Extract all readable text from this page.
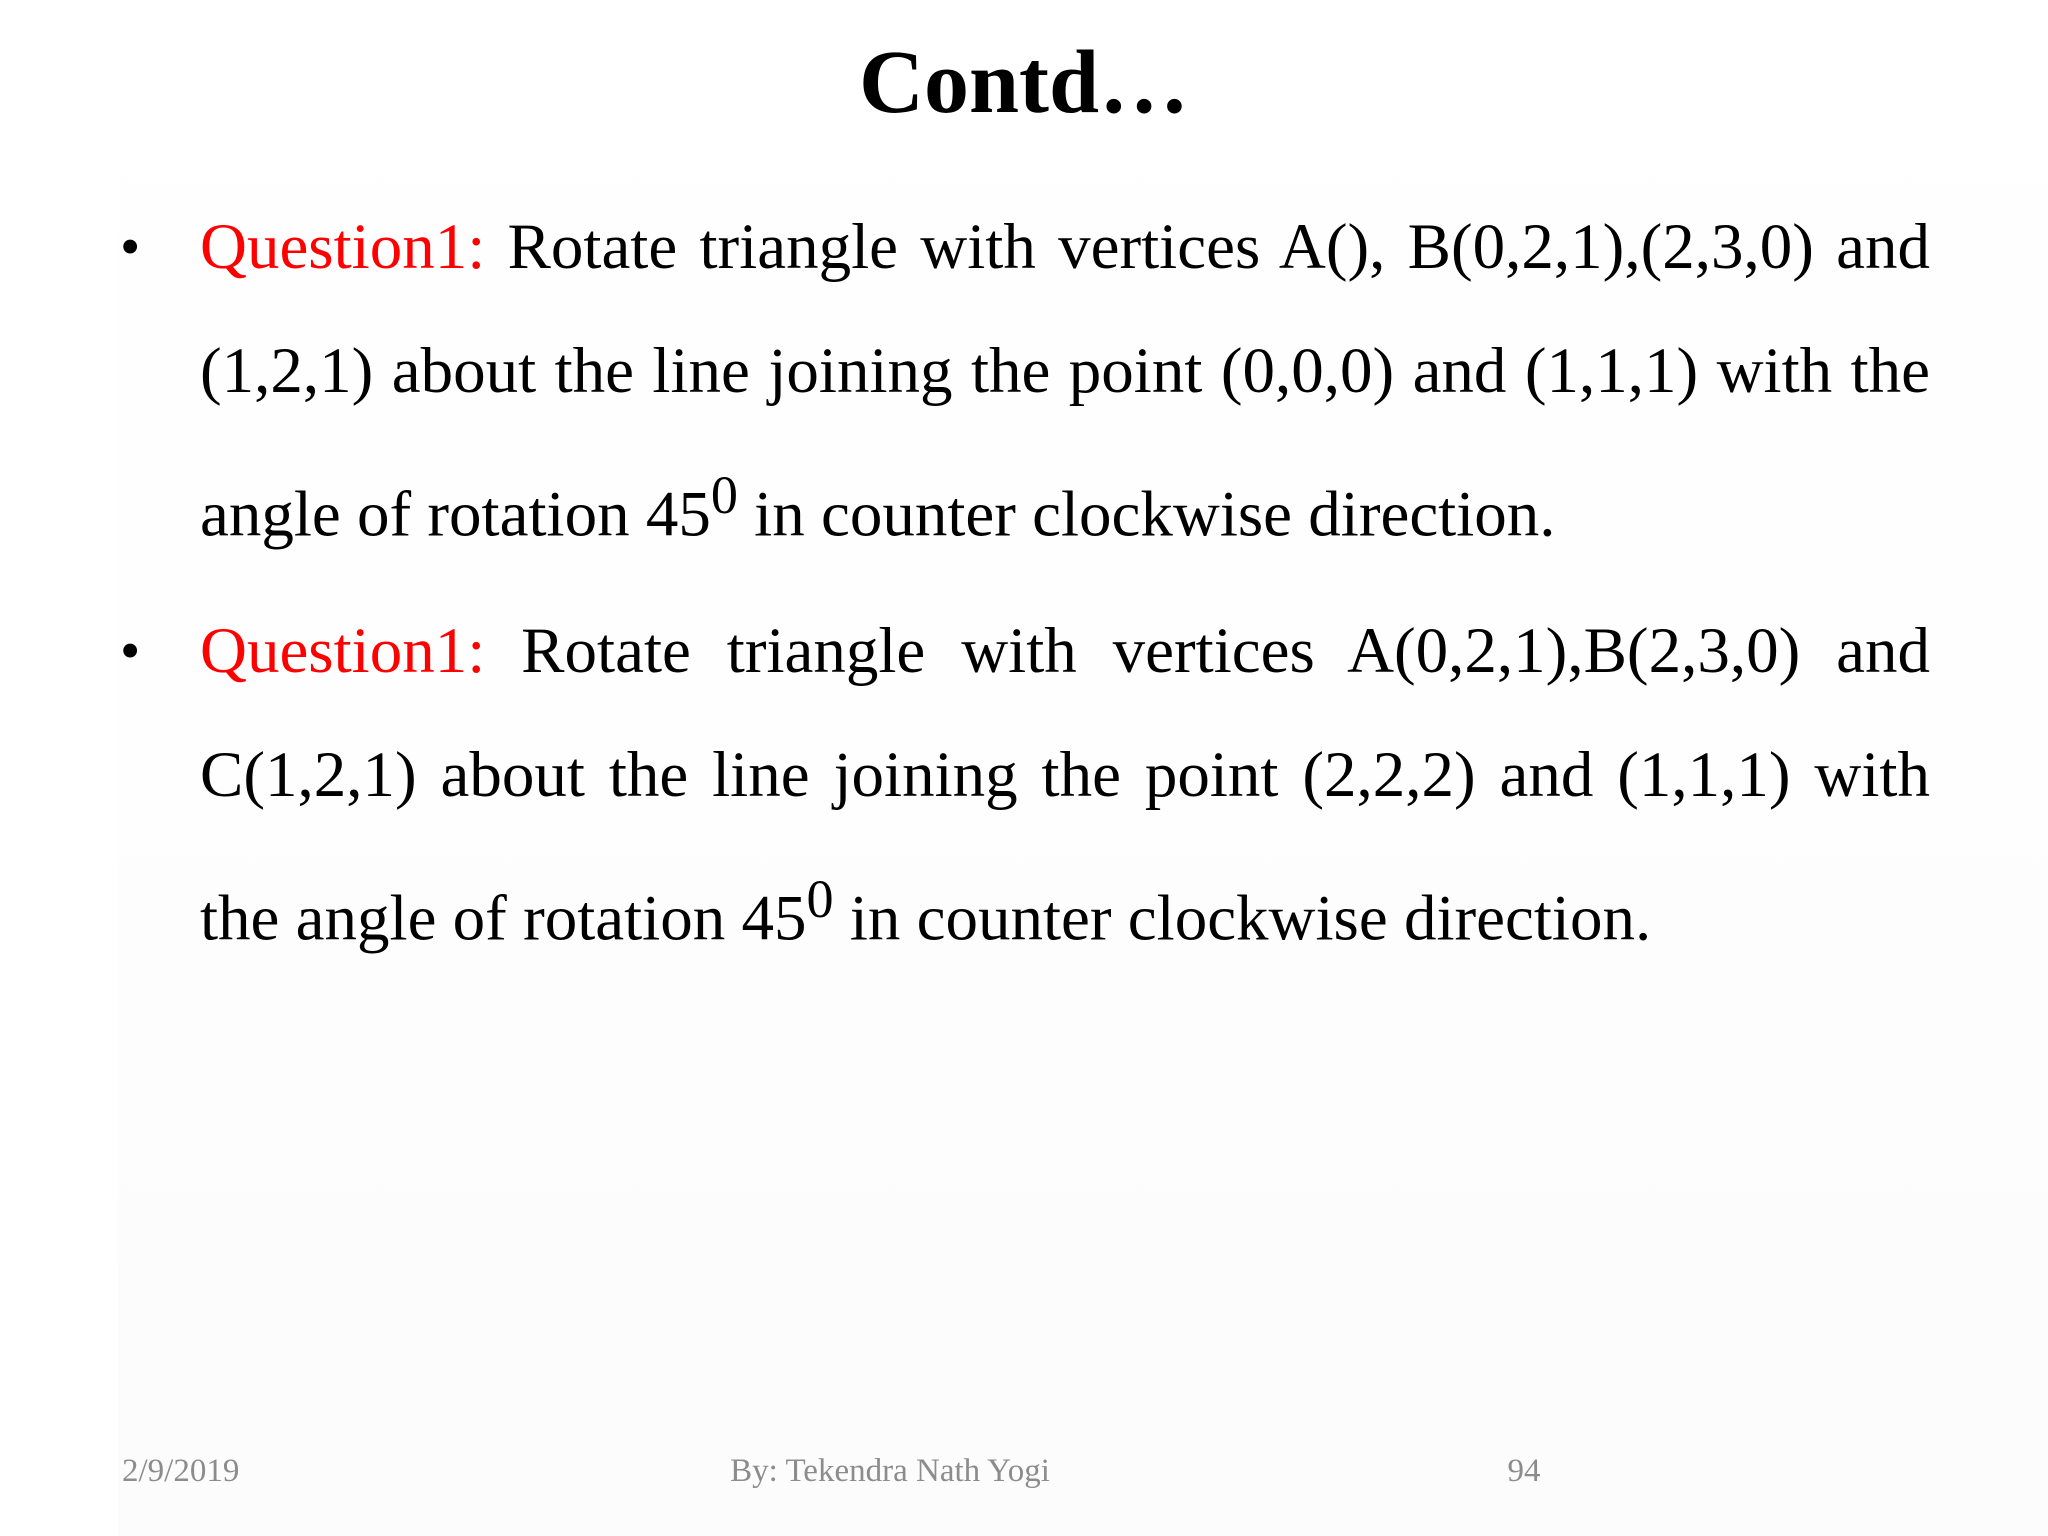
Contd…
• Question1: Rotate triangle with vertices A(), B(0,2,1),(2,3,0) and (1,2,1) about the line joining the point (0,0,0) and (1,1,1) with the angle of rotation $45^0$ in counter clockwise direction.
• Question1: Rotate triangle with vertices A(0,2,1),B(2,3,0) and C(1,2,1) about the line joining the point (2,2,2) and (1,1,1) with the angle of rotation $45^0$ in counter clockwise direction.
2/9/2019	By: Tekendra Nath Yogi	94
